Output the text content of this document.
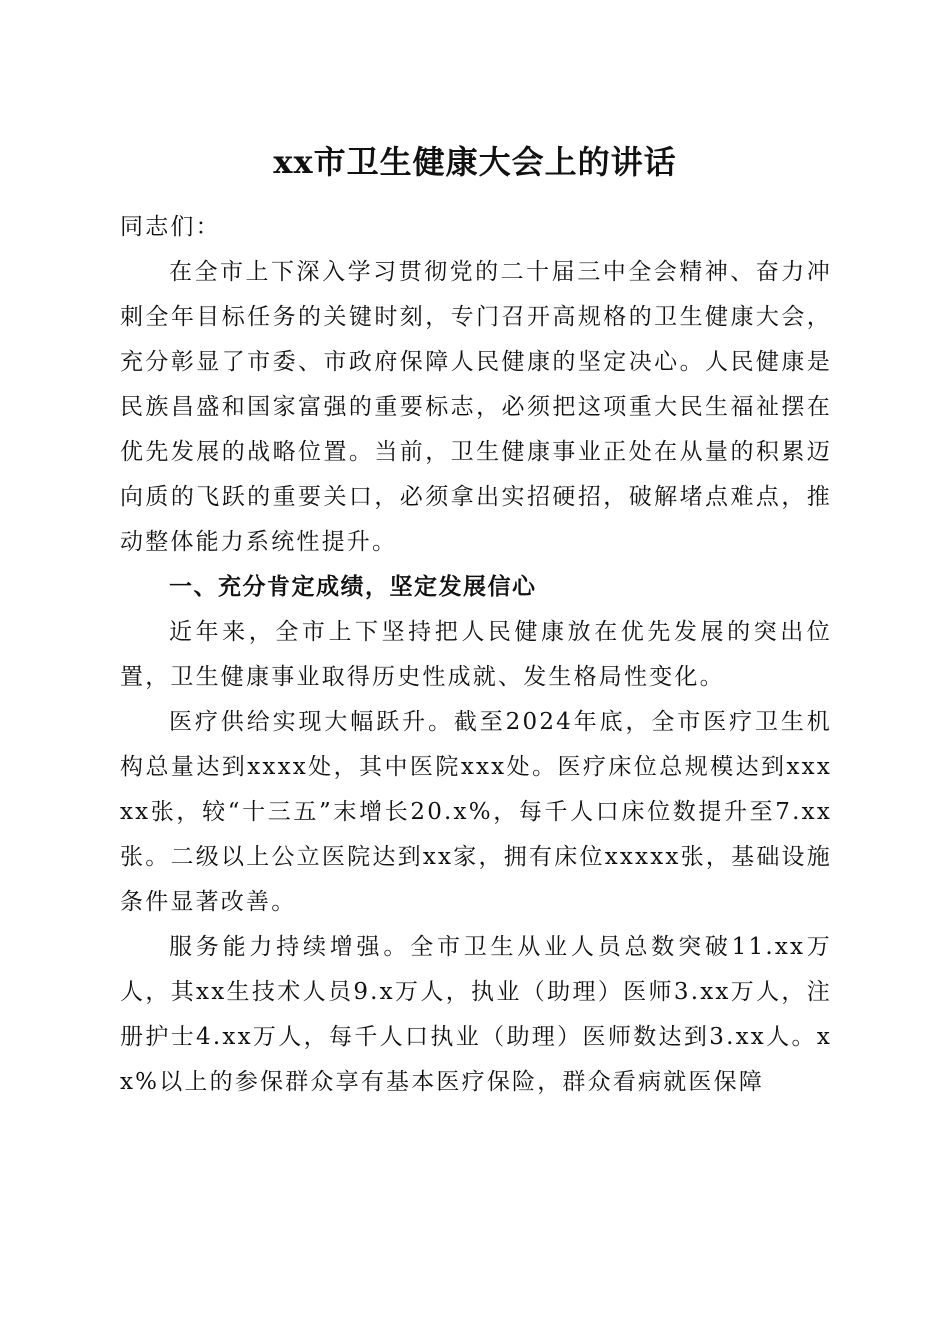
xx市卫生健康大会上的讲话

同志们：

在全市上下深入学习贯彻党的二十届三中全会精神、奋力冲刺全年目标任务的关键时刻，专门召开高规格的卫生健康大会，充分彰显了市委、市政府保障人民健康的坚定决心。人民健康是民族昌盛和国家富强的重要标志，必须把这项重大民生福祉摆在优先发展的战略位置。当前，卫生健康事业正处在从量的积累迈向质的飞跃的重要关口，必须拿出实招硬招，破解堵点难点，推动整体能力系统性提升。

一、充分肯定成绩，坚定发展信心

近年来，全市上下坚持把人民健康放在优先发展的突出位置，卫生健康事业取得历史性成就、发生格局性变化。

医疗供给实现大幅跃升。截至2024年底，全市医疗卫生机构总量达到xxxx处，其中医院xxx处。医疗床位总规模达到xxxxx张，较“十三五”末增长20.x%，每千人口床位数提升至7.xx张。二级以上公立医院达到xx家，拥有床位xxxxx张，基础设施条件显著改善。

服务能力持续增强。全市卫生从业人员总数突破11.xx万人，其xx生技术人员9.x万人，执业（助理）医师3.xx万人，注册护士4.xx万人，每千人口执业（助理）医师数达到3.xx人。xx%以上的参保群众享有基本医疗保险，群众看病就医保障
